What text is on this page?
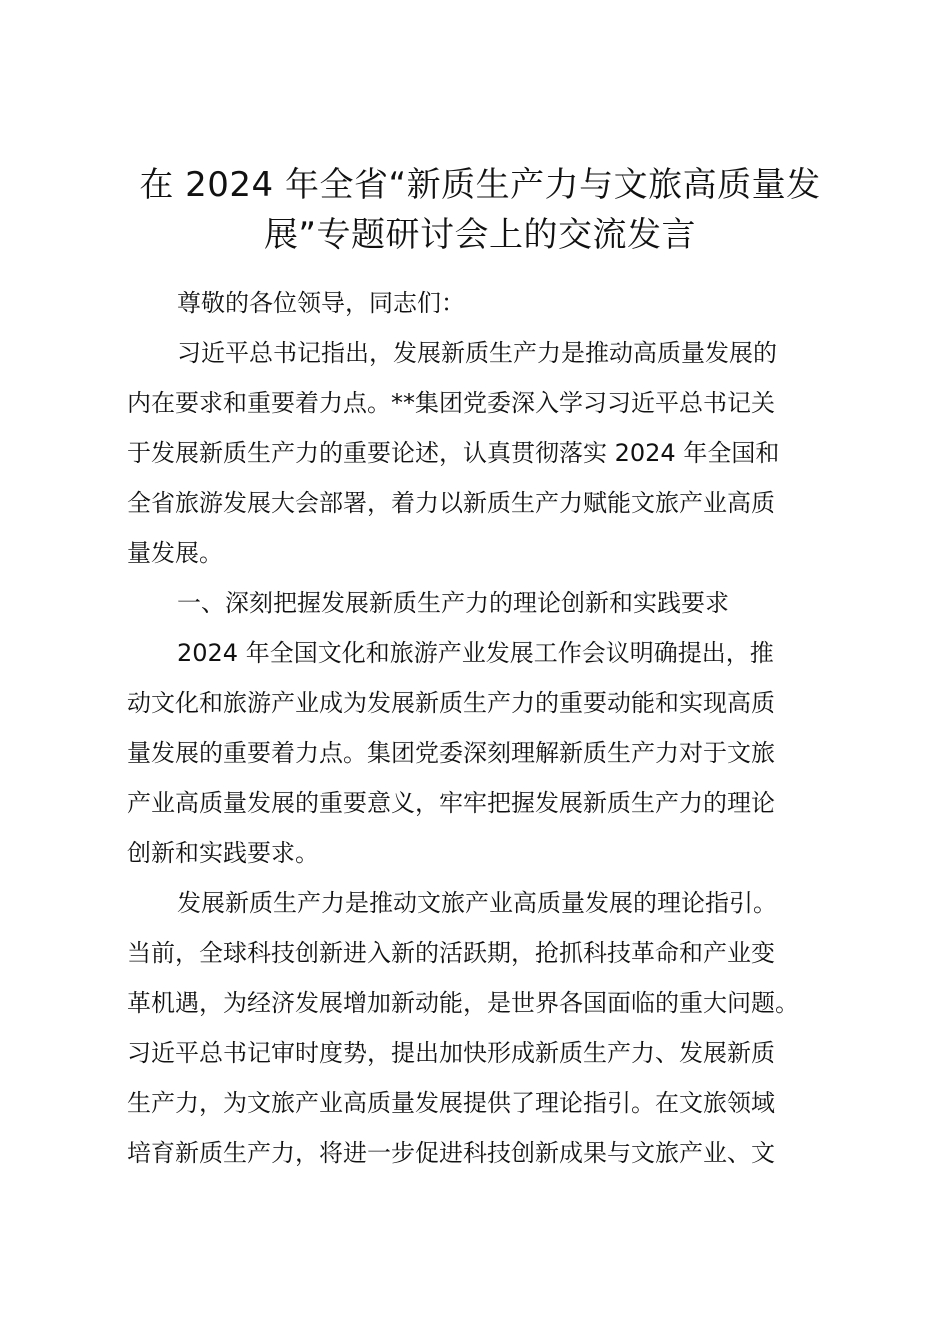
在 2024 年全省“新质生产力与文旅高质量发
展”专题研讨会上的交流发言
尊敬的各位领导，同志们：
习近平总书记指出，发展新质生产力是推动高质量发展的
内在要求和重要着力点。**集团党委深入学习习近平总书记关
于发展新质生产力的重要论述，认真贯彻落实 2024 年全国和
全省旅游发展大会部署，着力以新质生产力赋能文旅产业高质
量发展。
一、深刻把握发展新质生产力的理论创新和实践要求
2024 年全国文化和旅游产业发展工作会议明确提出，推
动文化和旅游产业成为发展新质生产力的重要动能和实现高质
量发展的重要着力点。集团党委深刻理解新质生产力对于文旅
产业高质量发展的重要意义，牢牢把握发展新质生产力的理论
创新和实践要求。
发展新质生产力是推动文旅产业高质量发展的理论指引。
当前，全球科技创新进入新的活跃期，抢抓科技革命和产业变
革机遇，为经济发展增加新动能，是世界各国面临的重大问题。
习近平总书记审时度势，提出加快形成新质生产力、发展新质
生产力，为文旅产业高质量发展提供了理论指引。在文旅领域
培育新质生产力，将进一步促进科技创新成果与文旅产业、文
